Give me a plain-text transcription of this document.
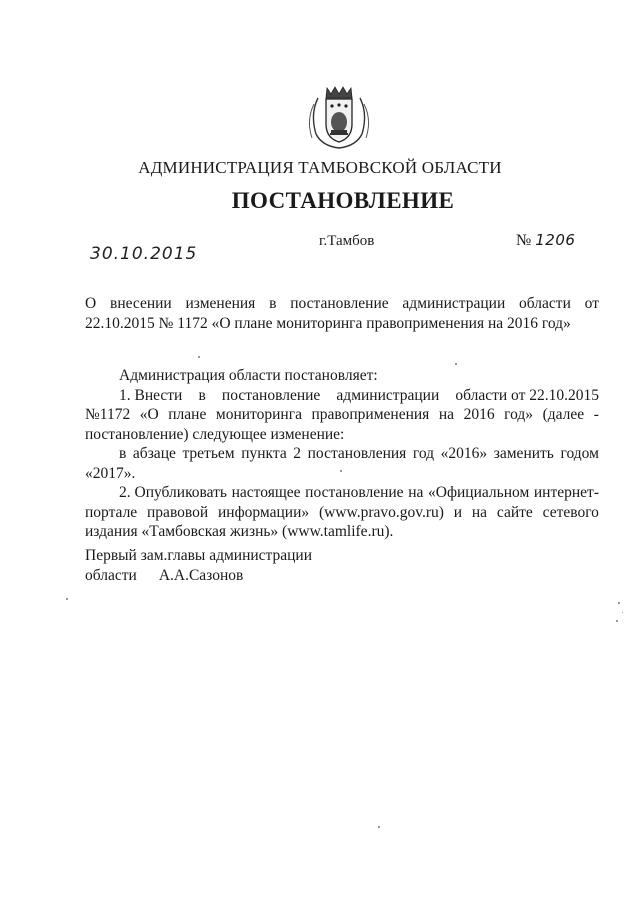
АДМИНИСТРАЦИЯ ТАМБОВСКОЙ ОБЛАСТИ
ПОСТАНОВЛЕНИЕ
30.10.2015
г.Тамбов	№ 1206
О внесении изменения в постановление администрации области от
22.10.2015 № 1172 «О плане мониторинга правоприменения на 2016 год»
Администрация области постановляет:
1. Внести в постановление администрации области от 22.10.2015
№1172 «О плане мониторинга правоприменения на 2016 год» (далее -
постановление) следующее изменение:
в абзаце третьем пункта 2 постановления год «2016» заменить годом
«2017».
2. Опубликовать настоящее постановление на «Официальном интернет-
портале правовой информации» (www.pravo.gov.ru) и на сайте сетевого
издания «Тамбовская жизнь» (www.tamlife.ru).
Первый зам.главы администрации
области А.А.Сазонов
